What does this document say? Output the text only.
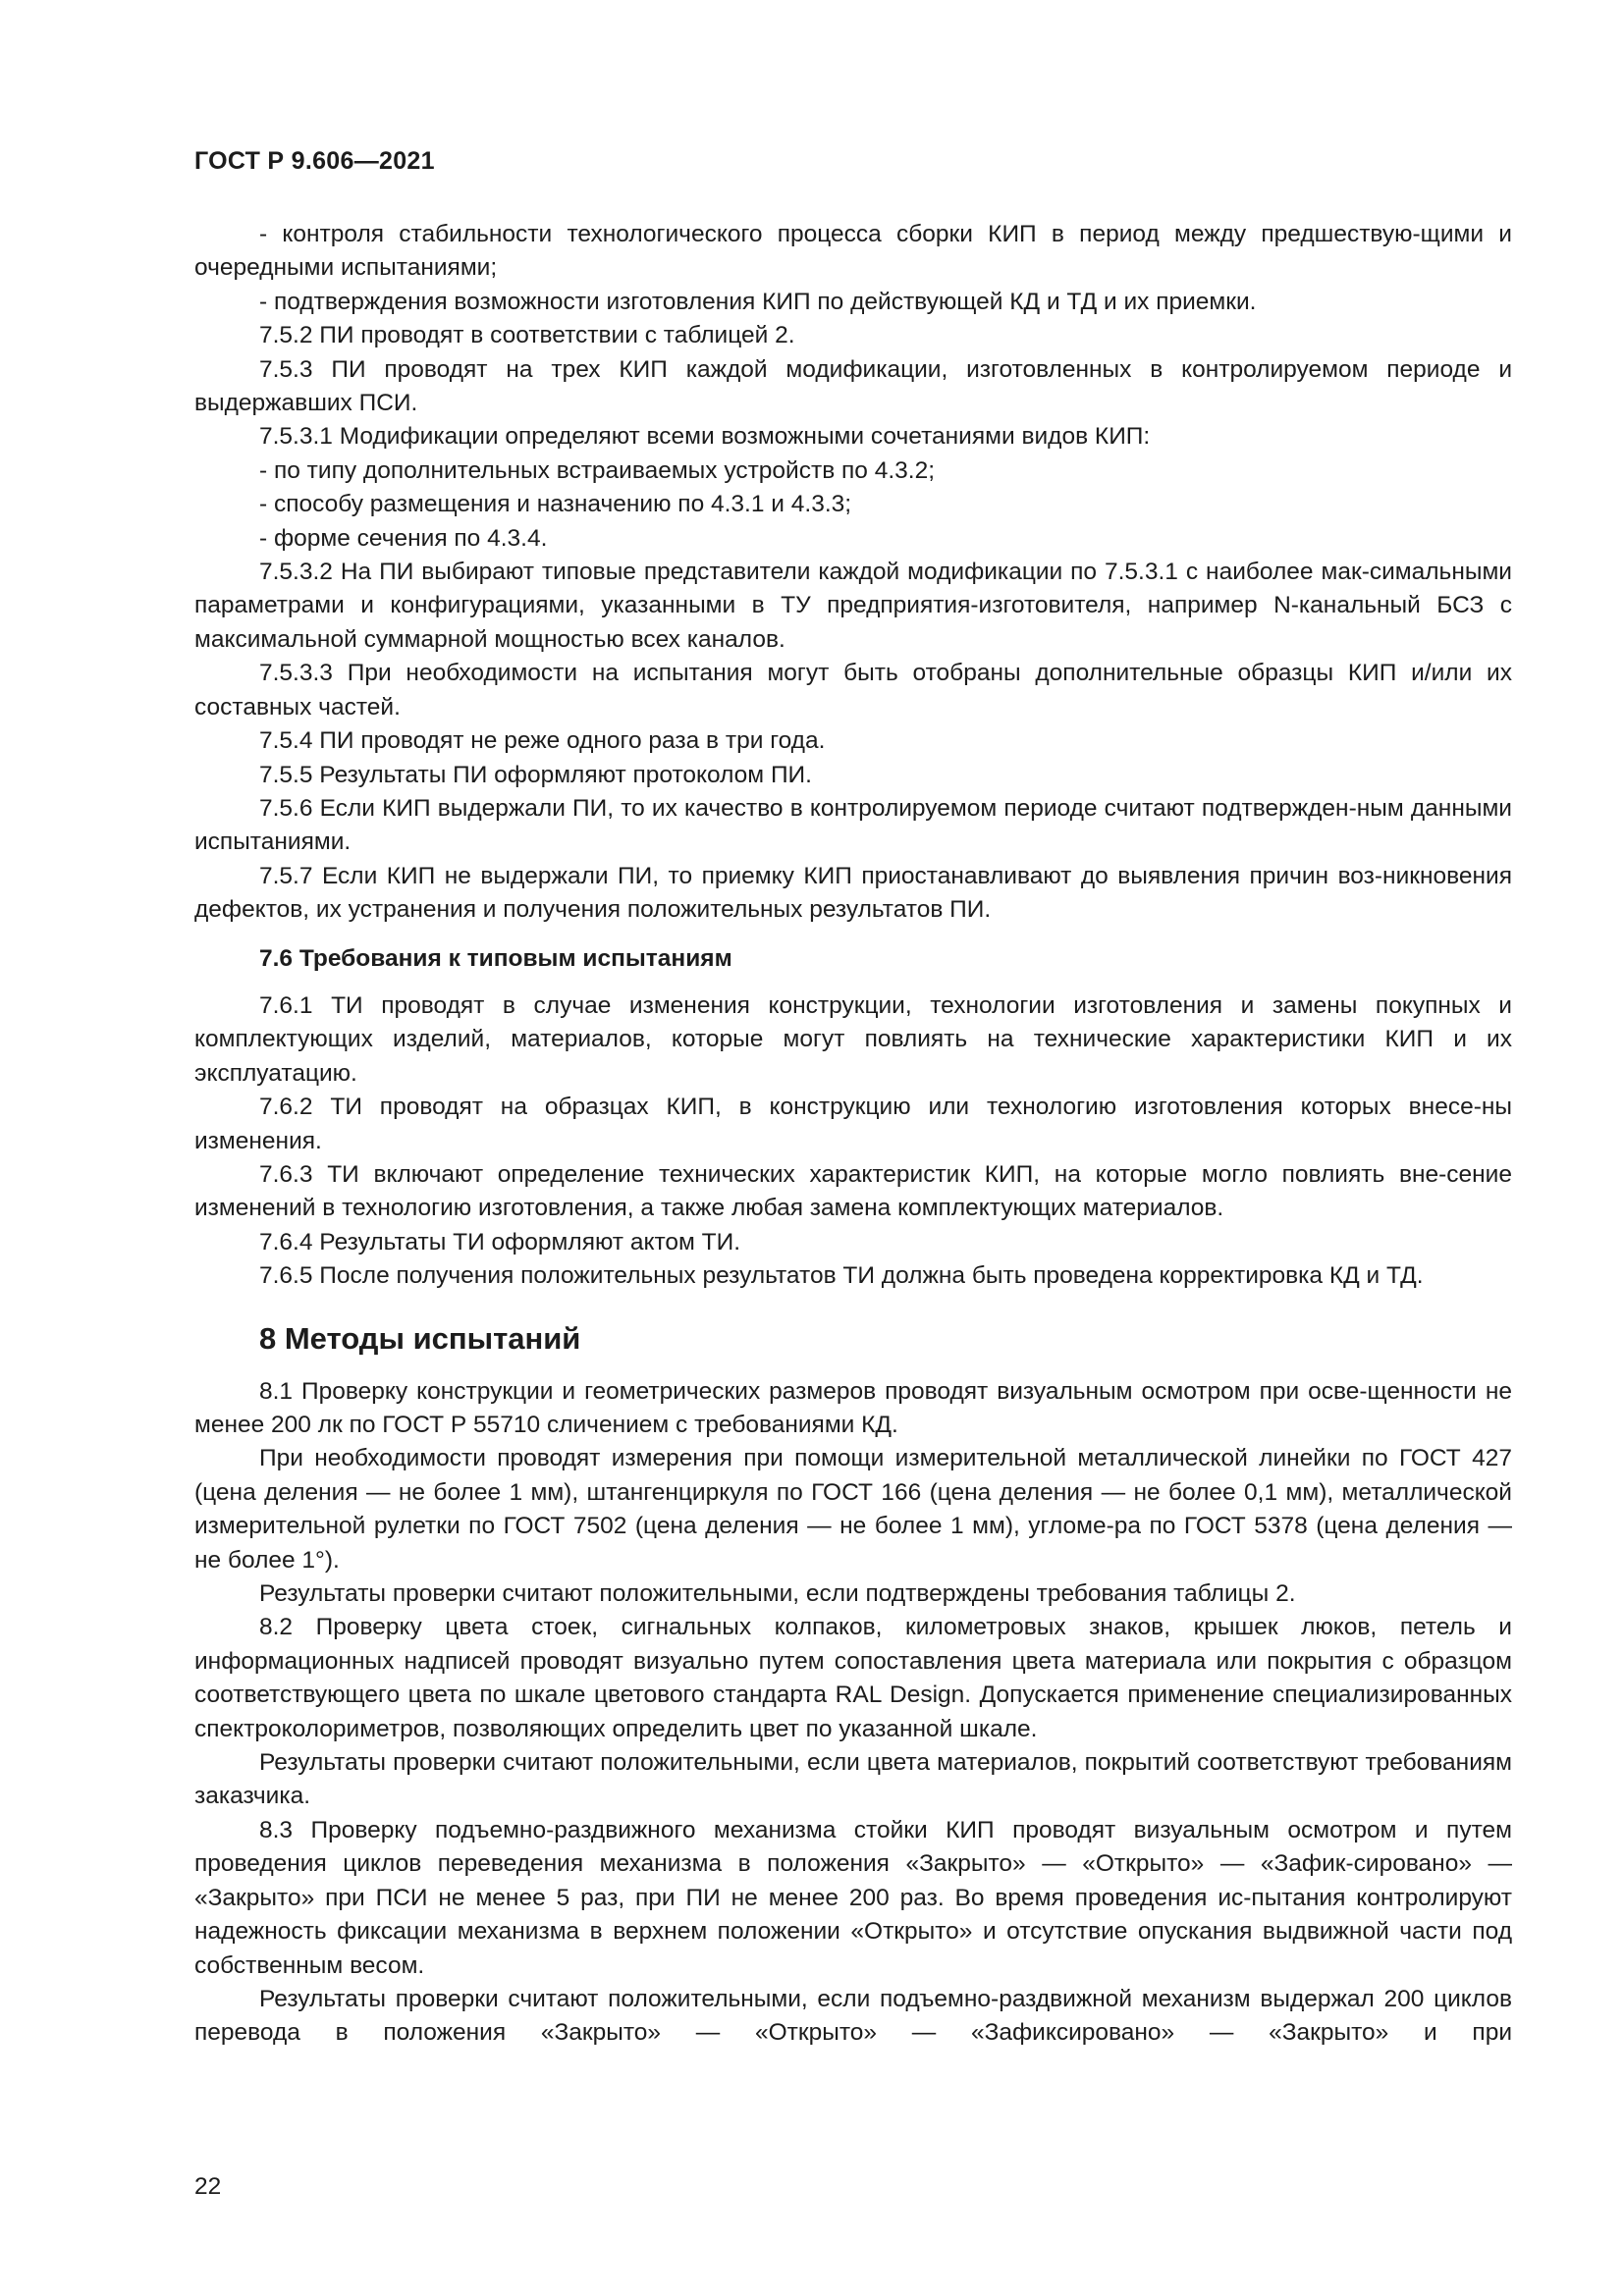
ГОСТ Р 9.606—2021

- контроля стабильности технологического процесса сборки КИП в период между предшествую-щими и очередными испытаниями;

- подтверждения возможности изготовления КИП по действующей КД и ТД и их приемки.

7.5.2 ПИ проводят в соответствии с таблицей 2.

7.5.3 ПИ проводят на трех КИП каждой модификации, изготовленных в контролируемом периоде и выдержавших ПСИ.

7.5.3.1 Модификации определяют всеми возможными сочетаниями видов КИП:

- по типу дополнительных встраиваемых устройств по 4.3.2;

- способу размещения и назначению по 4.3.1 и 4.3.3;

- форме сечения по 4.3.4.

7.5.3.2 На ПИ выбирают типовые представители каждой модификации по 7.5.3.1 с наиболее мак-симальными параметрами и конфигурациями, указанными в ТУ предприятия-изготовителя, например N-канальный БСЗ с максимальной суммарной мощностью всех каналов.

7.5.3.3 При необходимости на испытания могут быть отобраны дополнительные образцы КИП и/или их составных частей.

7.5.4 ПИ проводят не реже одного раза в три года.

7.5.5 Результаты ПИ оформляют протоколом ПИ.

7.5.6 Если КИП выдержали ПИ, то их качество в контролируемом периоде считают подтвержден-ным данными испытаниями.

7.5.7 Если КИП не выдержали ПИ, то приемку КИП приостанавливают до выявления причин воз-никновения дефектов, их устранения и получения положительных результатов ПИ.

7.6 Требования к типовым испытаниям

7.6.1 ТИ проводят в случае изменения конструкции, технологии изготовления и замены покупных и комплектующих изделий, материалов, которые могут повлиять на технические характеристики КИП и их эксплуатацию.

7.6.2 ТИ проводят на образцах КИП, в конструкцию или технологию изготовления которых внесе-ны изменения.

7.6.3 ТИ включают определение технических характеристик КИП, на которые могло повлиять вне-сение изменений в технологию изготовления, а также любая замена комплектующих материалов.

7.6.4 Результаты ТИ оформляют актом ТИ.

7.6.5 После получения положительных результатов ТИ должна быть проведена корректировка КД и ТД.

8 Методы испытаний

8.1 Проверку конструкции и геометрических размеров проводят визуальным осмотром при осве-щенности не менее 200 лк по ГОСТ Р 55710 сличением с требованиями КД.

При необходимости проводят измерения при помощи измерительной металлической линейки по ГОСТ 427 (цена деления — не более 1 мм), штангенциркуля по ГОСТ 166 (цена деления — не более 0,1 мм), металлической измерительной рулетки по ГОСТ 7502 (цена деления — не более 1 мм), угломе-ра по ГОСТ 5378 (цена деления — не более 1°).

Результаты проверки считают положительными, если подтверждены требования таблицы 2.

8.2 Проверку цвета стоек, сигнальных колпаков, километровых знаков, крышек люков, петель и информационных надписей проводят визуально путем сопоставления цвета материала или покрытия с образцом соответствующего цвета по шкале цветового стандарта RAL Design. Допускается применение специализированных спектроколориметров, позволяющих определить цвет по указанной шкале.

Результаты проверки считают положительными, если цвета материалов, покрытий соответствуют требованиям заказчика.

8.3 Проверку подъемно-раздвижного механизма стойки КИП проводят визуальным осмотром и путем проведения циклов переведения механизма в положения «Закрыто» — «Открыто» — «Зафик-сировано» — «Закрыто» при ПСИ не менее 5 раз, при ПИ не менее 200 раз. Во время проведения ис-пытания контролируют надежность фиксации механизма в верхнем положении «Открыто» и отсутствие опускания выдвижной части под собственным весом.

Результаты проверки считают положительными, если подъемно-раздвижной механизм выдержал 200 циклов перевода в положения «Закрыто» — «Открыто» — «Зафиксировано» — «Закрыто» и при

22
